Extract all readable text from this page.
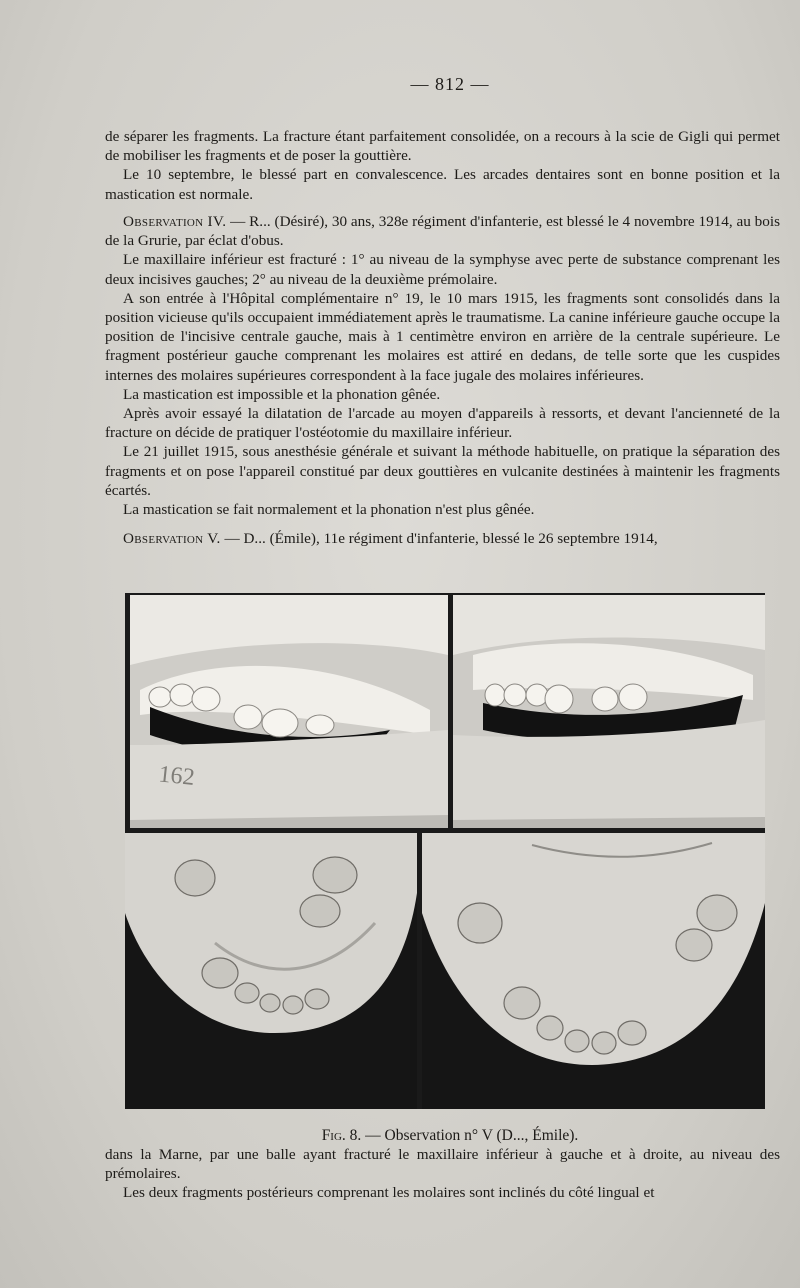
— 812 —

de séparer les fragments. La fracture étant parfaitement consolidée, on a recours à la scie de Gigli qui permet de mobiliser les fragments et de poser la gouttière.

Le 10 septembre, le blessé part en convalescence. Les arcades dentaires sont en bonne position et la mastication est normale.

Observation IV. — R... (Désiré), 30 ans, 328e régiment d'infanterie, est blessé le 4 novembre 1914, au bois de la Grurie, par éclat d'obus.

Le maxillaire inférieur est fracturé : 1° au niveau de la symphyse avec perte de substance comprenant les deux incisives gauches; 2° au niveau de la deuxième prémolaire.

A son entrée à l'Hôpital complémentaire n° 19, le 10 mars 1915, les fragments sont consolidés dans la position vicieuse qu'ils occupaient immédiatement après le traumatisme. La canine inférieure gauche occupe la position de l'incisive centrale gauche, mais à 1 centimètre environ en arrière de la centrale supérieure. Le fragment postérieur gauche comprenant les molaires est attiré en dedans, de telle sorte que les cuspides internes des molaires supérieures correspondent à la face jugale des molaires inférieures.

La mastication est impossible et la phonation gênée.

Après avoir essayé la dilatation de l'arcade au moyen d'appareils à ressorts, et devant l'ancienneté de la fracture on décide de pratiquer l'ostéotomie du maxillaire inférieur.

Le 21 juillet 1915, sous anesthésie générale et suivant la méthode habituelle, on pratique la séparation des fragments et on pose l'appareil constitué par deux gouttières en vulcanite destinées à maintenir les fragments écartés.

La mastication se fait normalement et la phonation n'est plus gênée.

Observation V. — D... (Émile), 11e régiment d'infanterie, blessé le 26 septembre 1914,

162
Fig. 8. — Observation n° V (D..., Émile).

dans la Marne, par une balle ayant fracturé le maxillaire inférieur à gauche et à droite, au niveau des prémolaires.

Les deux fragments postérieurs comprenant les molaires sont inclinés du côté lingual et
